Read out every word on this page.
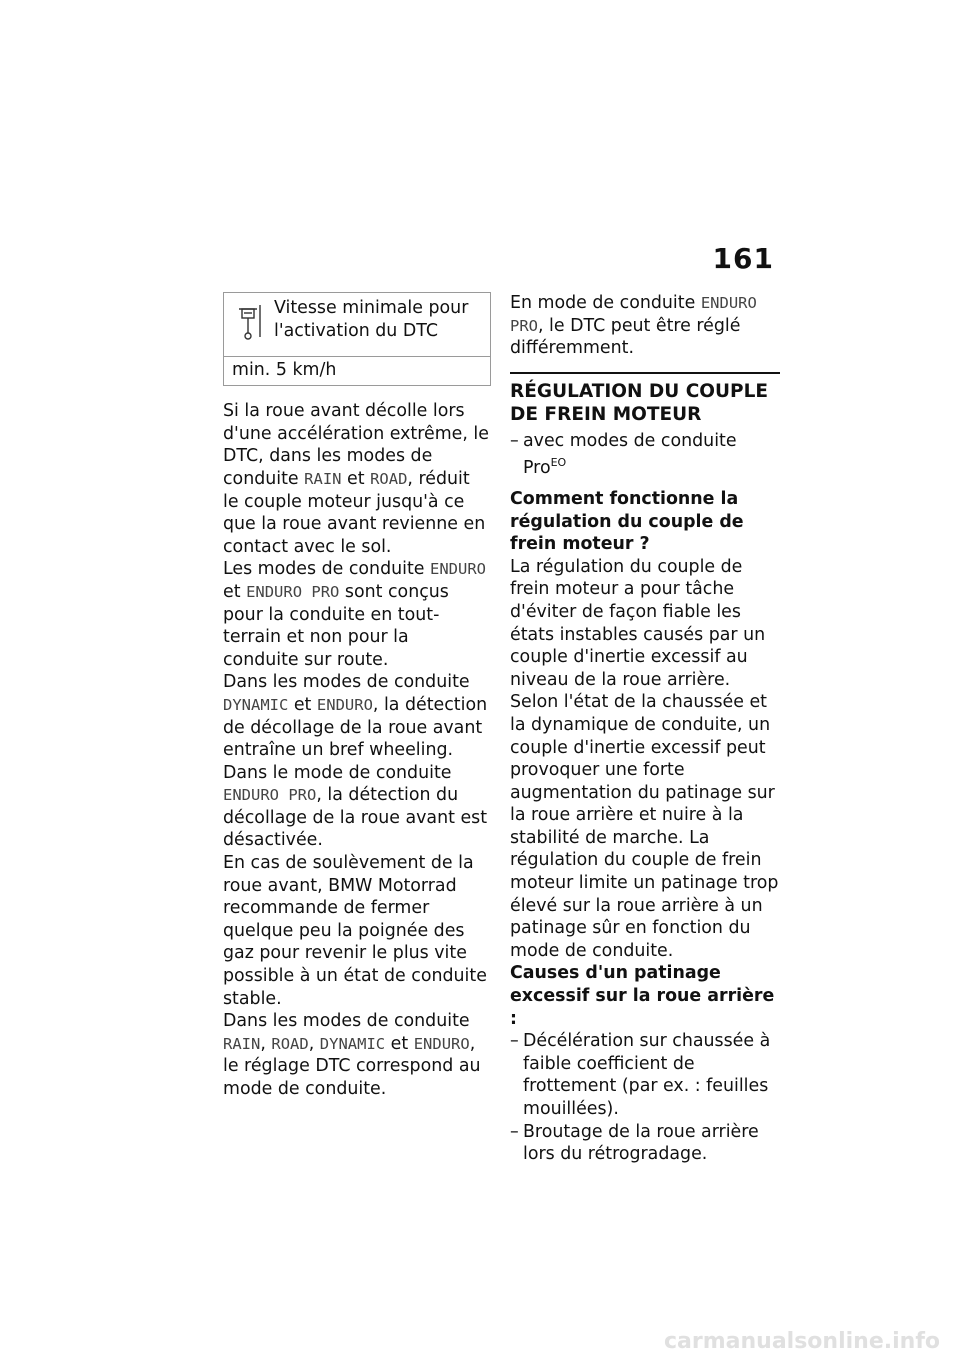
161
Vitesse minimale pour l'activation du DTC
min. 5 km/h

Si la roue avant décolle lors d'une accélération extrême, le DTC, dans les modes de conduite RAIN et ROAD, réduit le couple moteur jusqu'à ce que la roue avant revienne en contact avec le sol.

Les modes de conduite ENDURO et ENDURO PRO sont conçus pour la conduite en tout-terrain et non pour la conduite sur route.

Dans les modes de conduite DYNAMIC et ENDURO, la détection de décollage de la roue avant entraîne un bref wheeling.

Dans le mode de conduite ENDURO PRO, la détection du décollage de la roue avant est désactivée.

En cas de soulèvement de la roue avant, BMW Motorrad recommande de fermer quelque peu la poignée des gaz pour revenir le plus vite possible à un état de conduite stable.

Dans les modes de conduite RAIN, ROAD, DYNAMIC et ENDURO, le réglage DTC correspond au mode de conduite.

En mode de conduite ENDURO PRO, le DTC peut être réglé différemment.

RÉGULATION DU COUPLE DE FREIN MOTEUR
– avec modes de conduite Pro$^{EO}$
Comment fonctionne la régulation du couple de frein moteur ?

La régulation du couple de frein moteur a pour tâche d'éviter de façon fiable les états instables causés par un couple d'inertie excessif au niveau de la roue arrière. Selon l'état de la chaussée et la dynamique de conduite, un couple d'inertie excessif peut provoquer une forte augmentation du patinage sur la roue arrière et nuire à la stabilité de marche. La régulation du couple de frein moteur limite un patinage trop élevé sur la roue arrière à un patinage sûr en fonction du mode de conduite.

Causes d'un patinage excessif sur la roue arrière :
– Décélération sur chaussée à faible coefficient de frottement (par ex. : feuilles mouillées).
– Broutage de la roue arrière lors du rétrogradage.
carmanualsonline.info
